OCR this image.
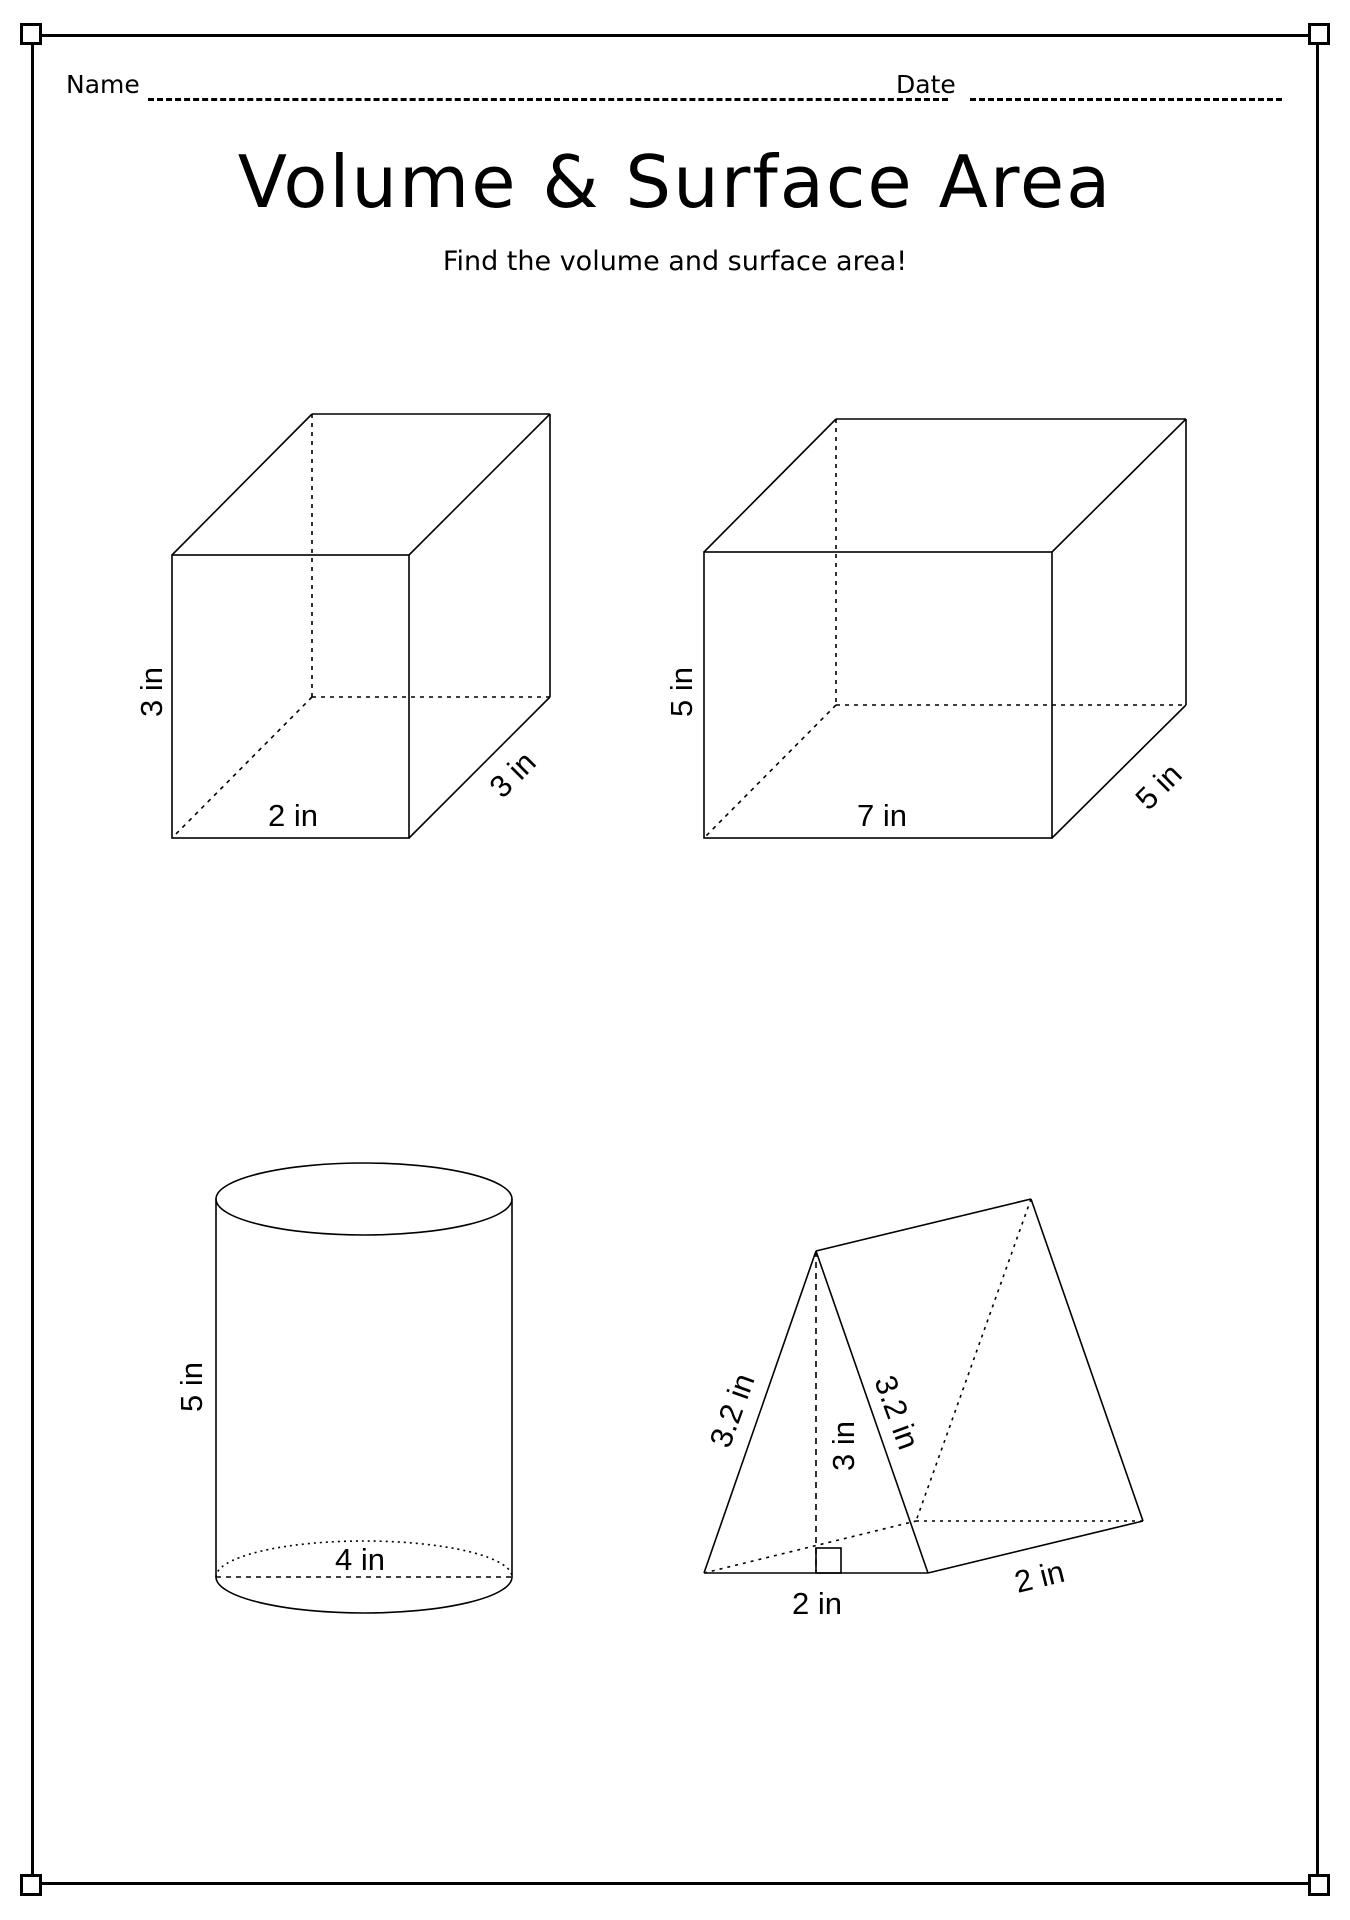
Name	Date
Volume & Surface Area
Find the volume and surface area!
3 in
2 in
3 in
5 in
7 in	5 in
5 in
4 in
3.2 in	3.2 in
3 in
2 in
2 in
